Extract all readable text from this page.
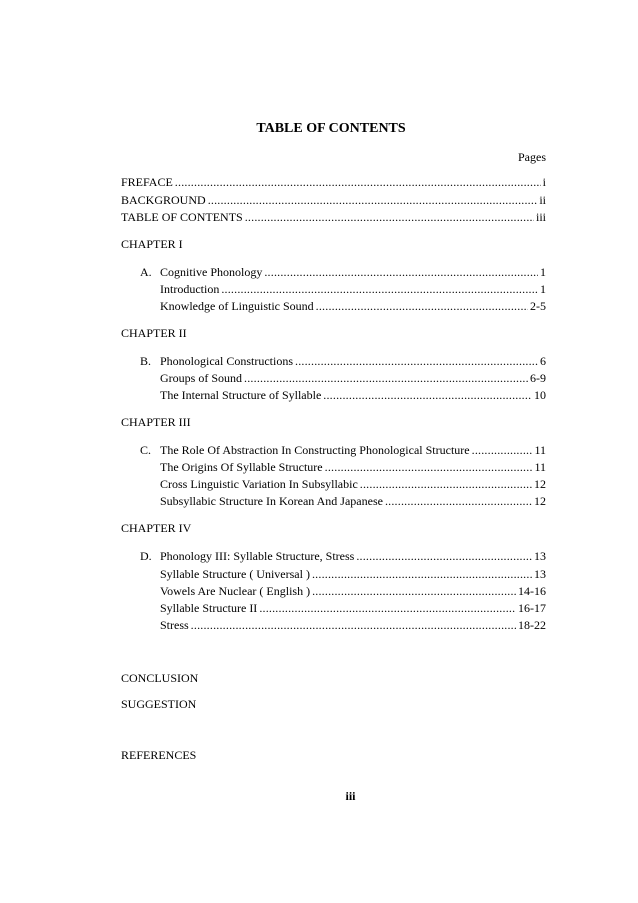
TABLE OF CONTENTS
Pages
FREFACE .....	i
BACKGROUND .....	ii
TABLE OF CONTENTS .....	iii
CHAPTER I
A. Cognitive Phonology .....	1
Introduction .....	1
Knowledge of Linguistic Sound .....	2-5
CHAPTER II
B. Phonological Constructions .....	6
Groups of Sound .....	6-9
The Internal Structure of Syllable .....	10
CHAPTER III
C. The Role Of Abstraction In Constructing Phonological Structure .....	11
The Origins Of Syllable Structure .....	11
Cross Linguistic Variation In Subsyllabic .....	12
Subsyllabic Structure In Korean And Japanese .....	12
CHAPTER IV
D. Phonology III: Syllable Structure, Stress .....	13
Syllable Structure ( Universal ) .....	13
Vowels Are Nuclear ( English ) .....	14-16
Syllable Structure II .....	16-17
Stress .....	18-22
CONCLUSION
SUGGESTION
REFERENCES
iii
